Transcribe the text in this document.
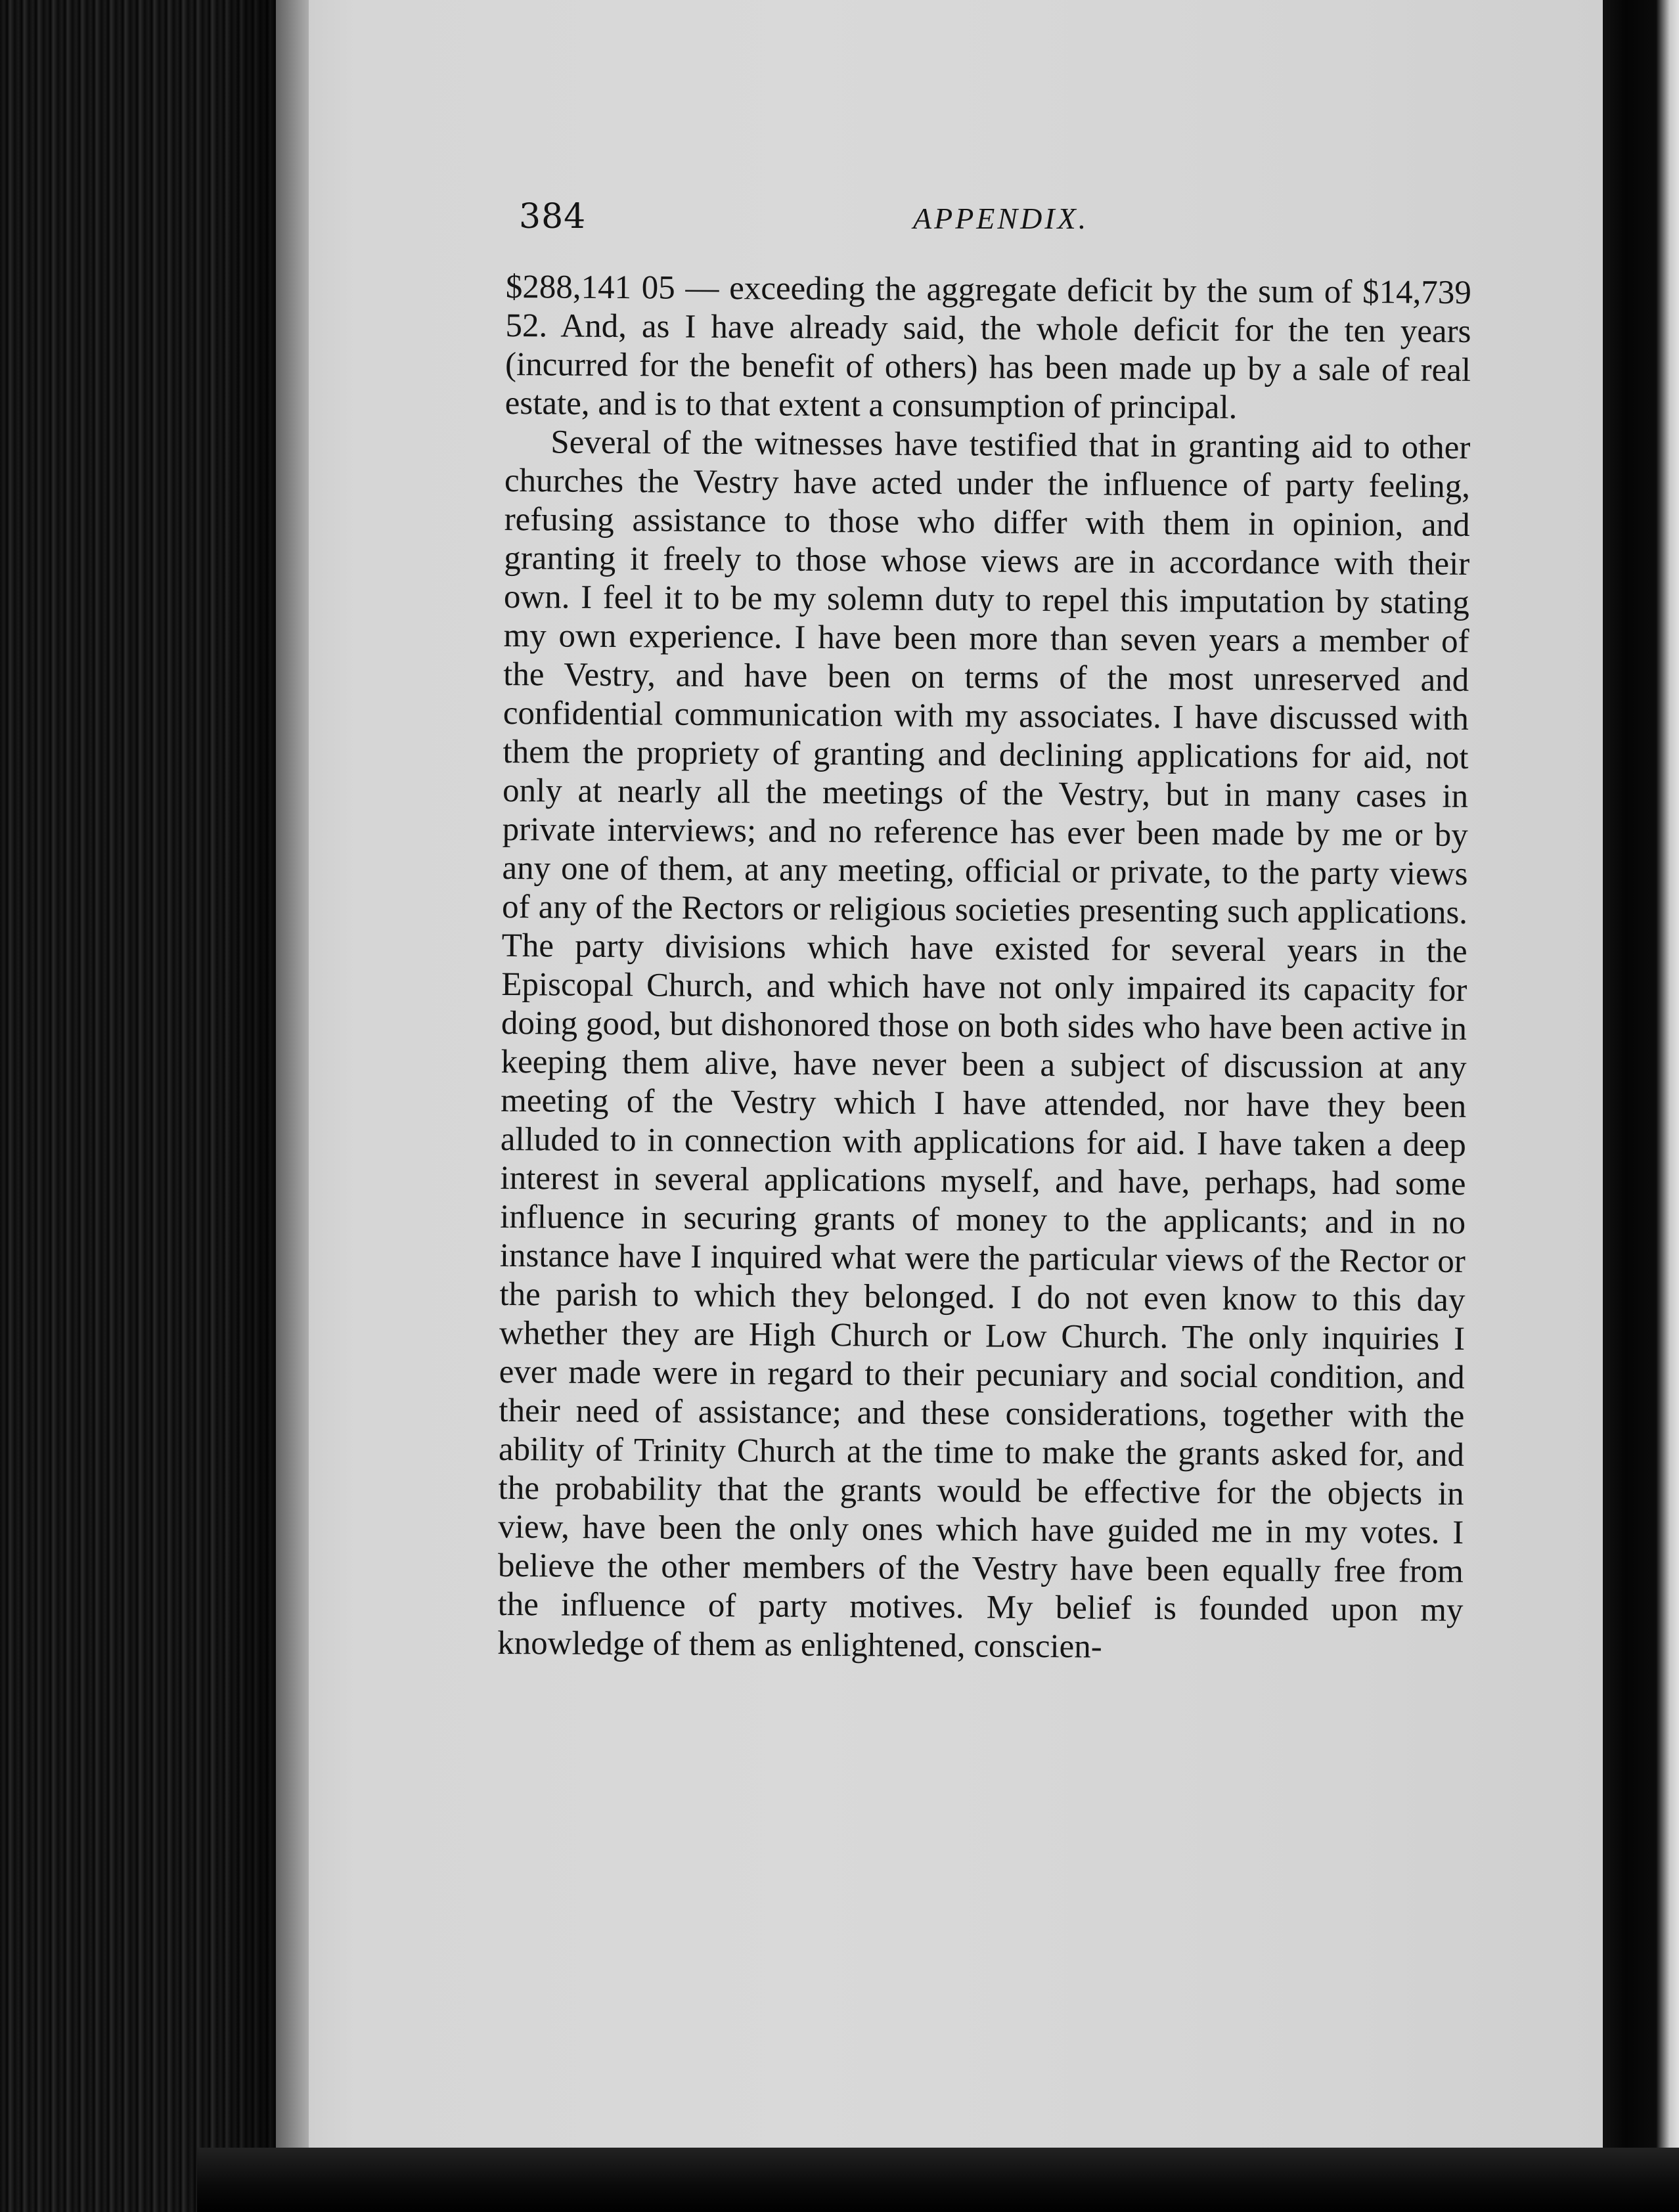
384	APPENDIX.

$288,141 05 — exceeding the aggregate deficit by the sum of $14,739 52. And, as I have already said, the whole deficit for the ten years (incurred for the benefit of others) has been made up by a sale of real estate, and is to that extent a consumption of principal.

Several of the witnesses have testified that in granting aid to other churches the Vestry have acted under the influence of party feeling, refusing assistance to those who differ with them in opinion, and granting it freely to those whose views are in accordance with their own. I feel it to be my solemn duty to repel this imputation by stating my own experience. I have been more than seven years a member of the Vestry, and have been on terms of the most unreserved and confidential communication with my associates. I have discussed with them the propriety of granting and declining applications for aid, not only at nearly all the meetings of the Vestry, but in many cases in private interviews; and no reference has ever been made by me or by any one of them, at any meeting, official or private, to the party views of any of the Rectors or religious societies presenting such applications. The party divisions which have existed for several years in the Episcopal Church, and which have not only impaired its capacity for doing good, but dishonored those on both sides who have been active in keeping them alive, have never been a subject of discussion at any meeting of the Vestry which I have attended, nor have they been alluded to in connection with applications for aid. I have taken a deep interest in several applications myself, and have, perhaps, had some influence in securing grants of money to the applicants; and in no instance have I inquired what were the particular views of the Rector or the parish to which they belonged. I do not even know to this day whether they are High Church or Low Church. The only inquiries I ever made were in regard to their pecuniary and social condition, and their need of assistance; and these considerations, together with the ability of Trinity Church at the time to make the grants asked for, and the probability that the grants would be effective for the objects in view, have been the only ones which have guided me in my votes. I believe the other members of the Vestry have been equally free from the influence of party motives. My belief is founded upon my knowledge of them as enlightened, conscien-
